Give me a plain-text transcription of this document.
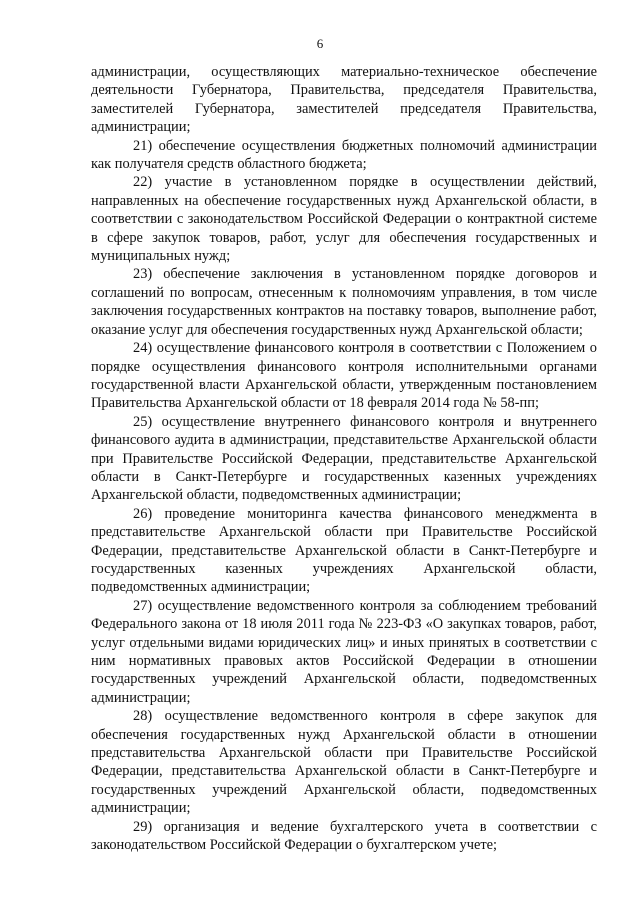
6

администрации, осуществляющих материально-техническое обеспечение деятельности Губернатора, Правительства, председателя Правительства, заместителей Губернатора, заместителей председателя Правительства, администрации;

21) обеспечение осуществления бюджетных полномочий администрации как получателя средств областного бюджета;

22) участие в установленном порядке в осуществлении действий, направленных на обеспечение государственных нужд Архангельской области, в соответствии с законодательством Российской Федерации о контрактной системе в сфере закупок товаров, работ, услуг для обеспечения государственных и муниципальных нужд;

23) обеспечение заключения в установленном порядке договоров и соглашений по вопросам, отнесенным к полномочиям управления, в том числе заключения государственных контрактов на поставку товаров, выполнение работ, оказание услуг для обеспечения государственных нужд Архангельской области;

24) осуществление финансового контроля в соответствии с Положением о порядке осуществления финансового контроля исполнительными органами государственной власти Архангельской области, утвержденным постановлением Правительства Архангельской области от 18 февраля 2014 года № 58-пп;

25) осуществление внутреннего финансового контроля и внутреннего финансового аудита в администрации, представительстве Архангельской области при Правительстве Российской Федерации, представительстве Архангельской области в Санкт-Петербурге и государственных казенных учреждениях Архангельской области, подведомственных администрации;

26) проведение мониторинга качества финансового менеджмента в представительстве Архангельской области при Правительстве Российской Федерации, представительстве Архангельской области в Санкт-Петербурге и государственных казенных учреждениях Архангельской области, подведомственных администрации;

27) осуществление ведомственного контроля за соблюдением требований Федерального закона от 18 июля 2011 года № 223-ФЗ «О закупках товаров, работ, услуг отдельными видами юридических лиц» и иных принятых в соответствии с ним нормативных правовых актов Российской Федерации в отношении государственных учреждений Архангельской области, подведомственных администрации;

28) осуществление ведомственного контроля в сфере закупок для обеспечения государственных нужд Архангельской области в отношении представительства Архангельской области при Правительстве Российской Федерации, представительства Архангельской области в Санкт-Петербурге и государственных учреждений Архангельской области, подведомственных администрации;

29) организация и ведение бухгалтерского учета в соответствии с законодательством Российской Федерации о бухгалтерском учете;
